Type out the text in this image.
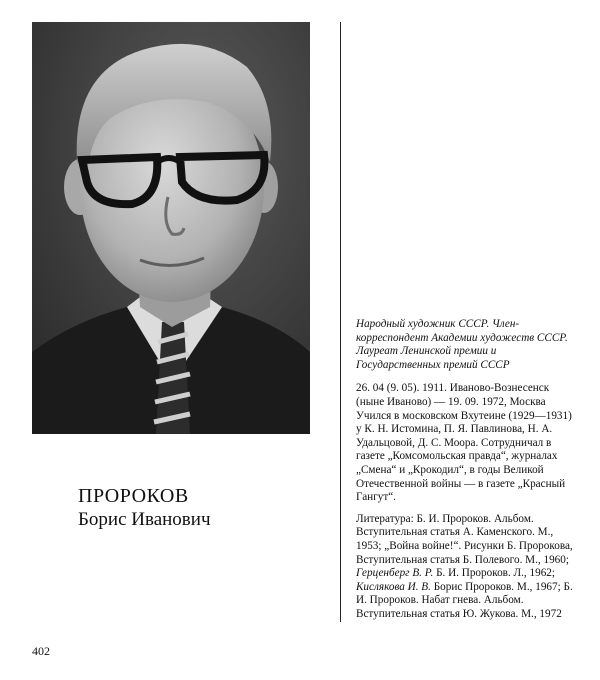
ПРОРОКОВ
Борис Иванович

Народный художник СССР. Член-корреспондент Академии художеств СССР. Лауреат Ленинской премии и Государственных премий СССР

26. 04 (9. 05). 1911. Иваново-Вознесенск (ныне Иваново) — 19. 09. 1972, Москва Учился в московском Вхутеине (1929—1931) у К. Н. Истомина, П. Я. Павлинова, Н. А. Удальцовой, Д. С. Моора. Сотрудничал в газете „Комсомольская правда“, журналах „Смена“ и „Крокодил“, в годы Великой Отечественной войны — в газете „Красный Гангут“.

Литература: Б. И. Пророков. Альбом. Вступительная статья А. Каменского. М., 1953; „Война войне!“. Рисунки Б. Пророкова, Вступительная статья Б. Полевого. М., 1960; Герценберг В. Р. Б. И. Пророков. Л., 1962; Кислякова И. В. Борис Пророков. М., 1967; Б. И. Пророков. Набат гнева. Альбом. Вступительная статья Ю. Жукова. М., 1972

402
